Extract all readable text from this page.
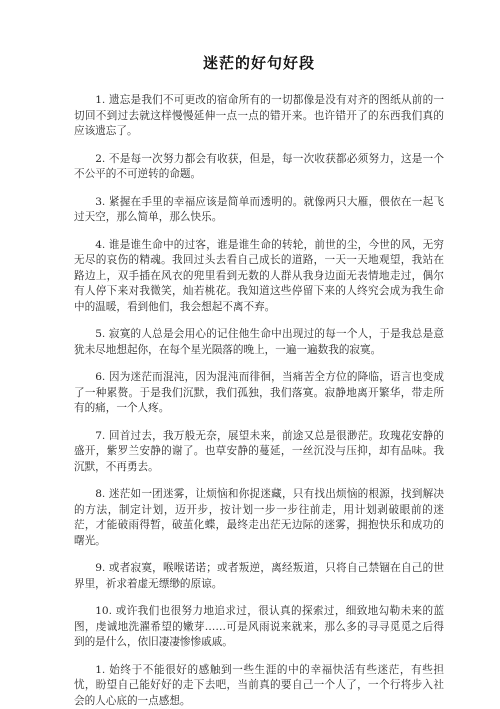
迷茫的好句好段
1. 遗忘是我们不可更改的宿命所有的一切都像是没有对齐的图纸从前的一切回不到过去就这样慢慢延伸一点一点的错开来。也许错开了的东西我们真的应该遗忘了。
2. 不是每一次努力都会有收获，但是，每一次收获都必须努力，这是一个不公平的不可逆转的命题。
3. 紧握在手里的幸福应该是简单而透明的。就像两只大雁，偎依在一起飞过天空，那么简单，那么快乐。
4. 谁是谁生命中的过客，谁是谁生命的转轮，前世的尘，今世的风，无穷无尽的哀伤的精魂。我回过头去看自己成长的道路，一天一天地观望，我站在路边上，双手插在风衣的兜里看到无数的人群从我身边面无表情地走过，偶尔有人停下来对我微笑，灿若桃花。我知道这些停留下来的人终究会成为我生命中的温暖，看到他们，我会想起不离不弃。
5. 寂寞的人总是会用心的记住他生命中出现过的每一个人，于是我总是意犹未尽地想起你，在每个星光陨落的晚上，一遍一遍数我的寂寞。
6. 因为迷茫而混沌，因为混沌而徘徊，当痛苦全方位的降临，语言也变成了一种累赘。于是我们沉默，我们孤独，我们落寞。寂静地离开繁华，带走所有的痛，一个人疼。
7. 回首过去，我万般无奈，展望未来，前途又总是很渺茫。玫瑰花安静的盛开，紫罗兰安静的谢了。也草安静的蔓延，一丝沉没与压抑，却有品味。我沉默，不再勇去。
8. 迷茫如一团迷雾，让烦恼和你捉迷藏，只有找出烦恼的根源，找到解决的方法，制定计划，迈开步，按计划一步一步往前走，用计划剥破眼前的迷茫，才能破雨得暂，破茧化蝶，最终走出茫无边际的迷雾，拥抱快乐和成功的曙光。
9. 或者寂寞，喉喉诺诺；或者叛逆，离经叛道，只将自己禁锢在自己的世界里，祈求着虚无缥缈的原谅。
10. 或许我们也很努力地追求过，很认真的探索过，细致地勾勒未来的蓝图，虔诚地洗濯希望的嫩芽……可是风雨说来就来，那么多的寻寻觅觅之后得到的是什么，依旧凄凄惨惨戚戚。
1. 始终于不能很好的感触到一些生涯的中的幸福快活有些迷茫，有些担忧，盼望自己能好好的走下去吧，当前真的要自己一个人了，一个行将步入社会的人心底的一点感想。
